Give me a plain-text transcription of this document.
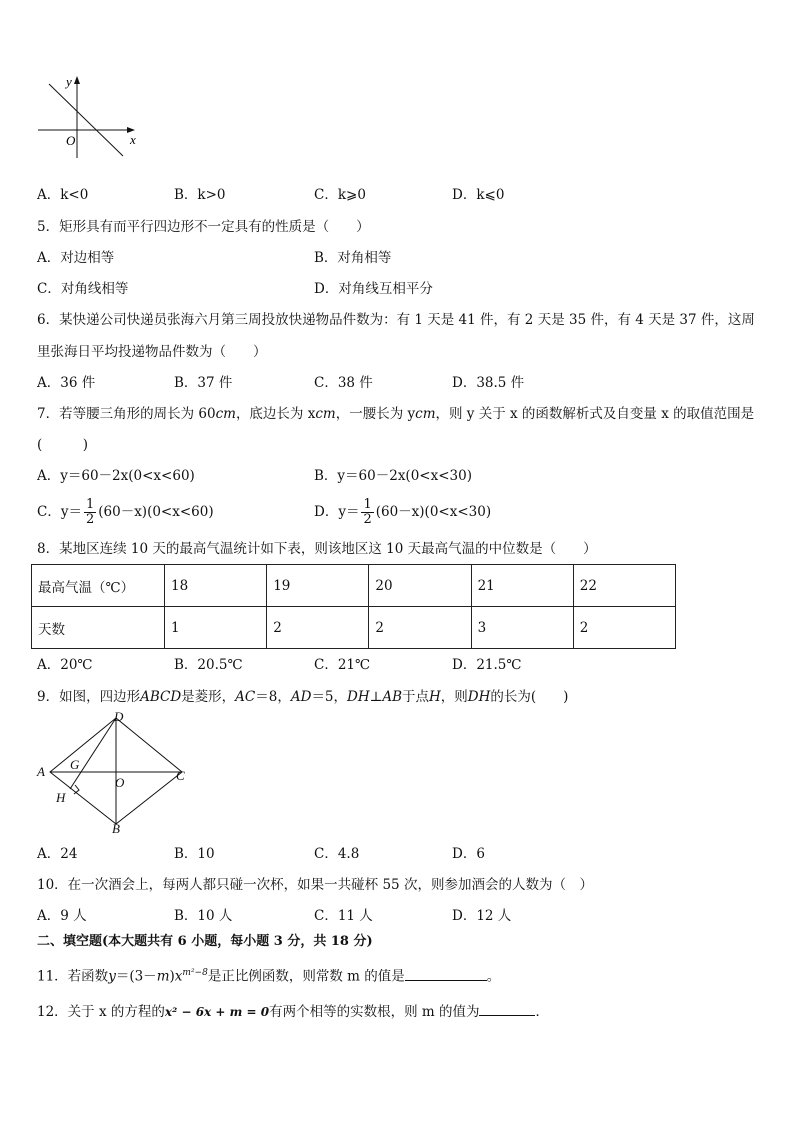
y
x
O
A．k<0	B．k>0	C．k⩾0	D．k⩽0
5．矩形具有而平行四边形不一定具有的性质是（　　）
A．对边相等	B．对角相等
C．对角线相等	D．对角线互相平分
6．某快递公司快递员张海六月第三周投放快递物品件数为：有 1 天是 41 件，有 2 天是 35 件，有 4 天是 37 件，这周
里张海日平均投递物品件数为（　　）
A．36 件	B．37 件	C．38 件	D．38.5 件
7．若等腰三角形的周长为 60cm，底边长为 xcm，一腰长为 ycm，则 y 关于 x 的函数解析式及自变量 x 的取值范围是
(　　　)
A．y＝60－2x(0<x<60)	B．y＝60－2x(0<x<30)
C．$y= \frac{1}{2} (60-x)(0<x<60)$	D．$y= \frac{1}{2} (60-x)(0<x<30)$
8．某地区连续 10 天的最高气温统计如下表，则该地区这 10 天最高气温的中位数是（　　）
最高气温（℃）	18	19	20	21	22
天数	1	2	2	3	2
A．20℃	B．20.5℃	C．21℃	D．21.5℃
9．如图，四边形ABCD是菱形，AC＝8，AD＝5，DH⊥AB于点H，则DH的长为(　　)
A
D
C
B
G
H
O
A．24	B．10	C．4.8	D．6
10．在一次酒会上，每两人都只碰一次杯，如果一共碰杯 55 次，则参加酒会的人数为（　）
A．9 人	B．10 人	C．11 人	D．12 人
二、填空题(本大题共有 6 小题，每小题 3 分，共 18 分)
11．若函数$y=(3-m)x^{m^2-8}$是正比例函数，则常数 m 的值是	。
12．关于 x 的方程的x² − 6x + m = 0有两个相等的实数根，则 m 的值为	．
